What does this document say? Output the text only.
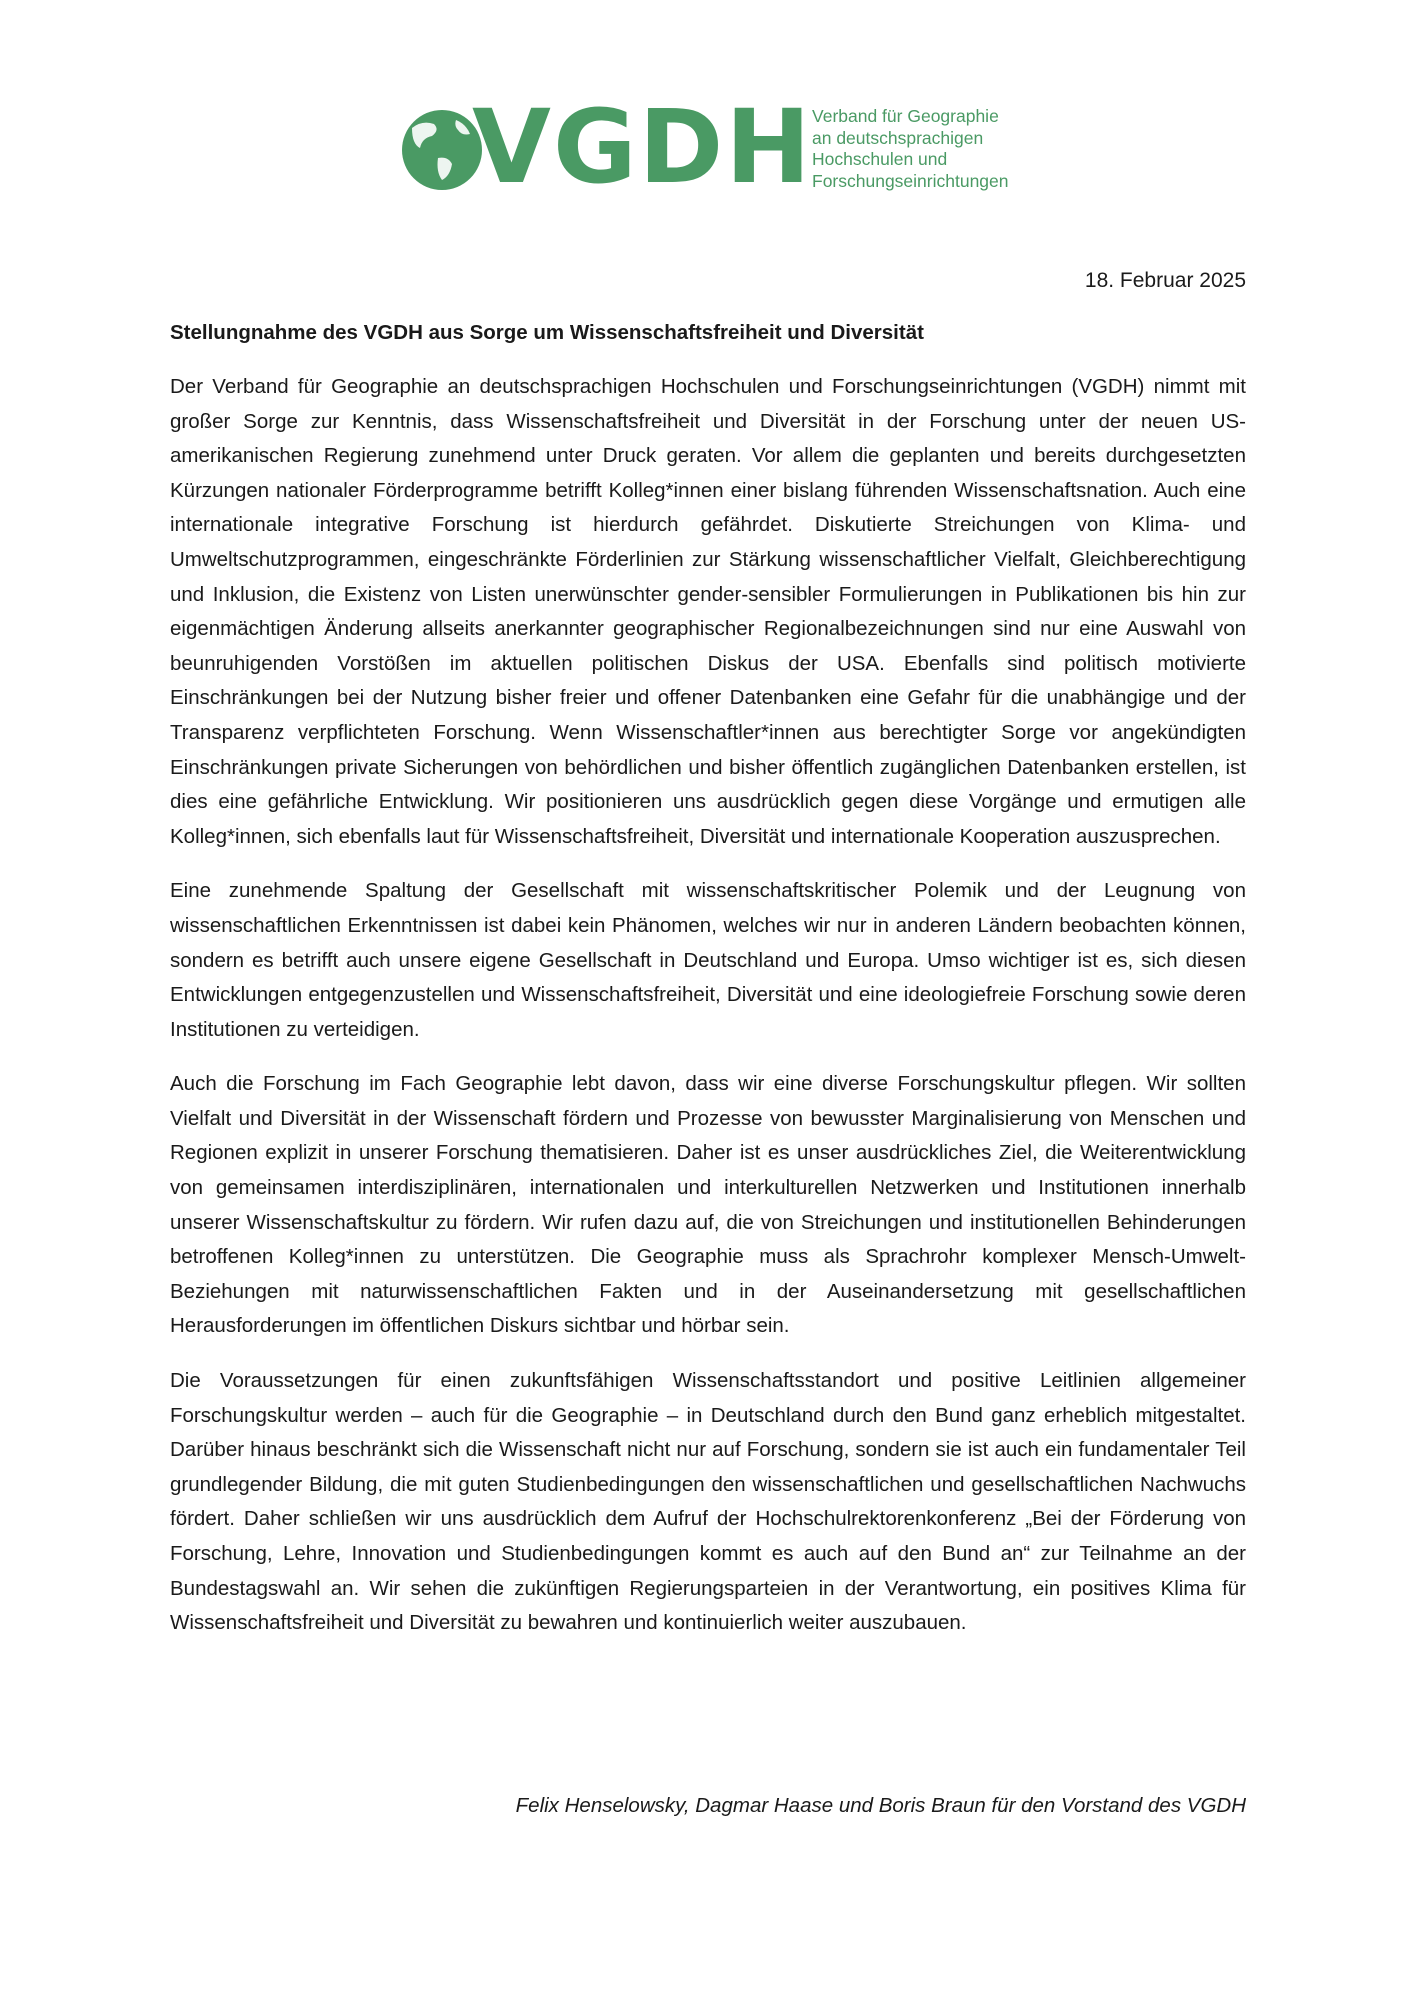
VGDH Verband für Geographie
an deutschsprachigen
Hochschulen und
Forschungseinrichtungen
18. Februar 2025
Stellungnahme des VGDH aus Sorge um Wissenschaftsfreiheit und Diversität

Der Verband für Geographie an deutschsprachigen Hochschulen und Forschungseinrichtungen (VGDH) nimmt mit großer Sorge zur Kenntnis, dass Wissenschaftsfreiheit und Diversität in der Forschung unter der neuen US-amerikanischen Regierung zunehmend unter Druck geraten. Vor allem die geplanten und bereits durchgesetzten Kürzungen nationaler Förderprogramme betrifft Kolleg*innen einer bislang führenden Wissenschaftsnation. Auch eine internationale integrative Forschung ist hierdurch gefährdet. Diskutierte Streichungen von Klima- und Umweltschutzprogrammen, eingeschränkte Förderlinien zur Stärkung wissenschaftlicher Vielfalt, Gleichberechtigung und Inklusion, die Existenz von Listen unerwünschter gender-sensibler Formulierungen in Publikationen bis hin zur eigenmächtigen Änderung allseits anerkannter geographischer Regionalbezeichnungen sind nur eine Auswahl von beunruhigenden Vorstößen im aktuellen politischen Diskus der USA. Ebenfalls sind politisch motivierte Einschränkungen bei der Nutzung bisher freier und offener Datenbanken eine Gefahr für die unabhängige und der Transparenz verpflichteten Forschung. Wenn Wissenschaftler*innen aus berechtigter Sorge vor angekündigten Einschränkungen private Sicherungen von behördlichen und bisher öffentlich zugänglichen Datenbanken erstellen, ist dies eine gefährliche Entwicklung. Wir positionieren uns ausdrücklich gegen diese Vorgänge und ermutigen alle Kolleg*innen, sich ebenfalls laut für Wissenschaftsfreiheit, Diversität und internationale Kooperation auszusprechen.

Eine zunehmende Spaltung der Gesellschaft mit wissenschaftskritischer Polemik und der Leugnung von wissenschaftlichen Erkenntnissen ist dabei kein Phänomen, welches wir nur in anderen Ländern beobachten können, sondern es betrifft auch unsere eigene Gesellschaft in Deutschland und Europa. Umso wichtiger ist es, sich diesen Entwicklungen entgegenzustellen und Wissenschaftsfreiheit, Diversität und eine ideologiefreie Forschung sowie deren Institutionen zu verteidigen.

Auch die Forschung im Fach Geographie lebt davon, dass wir eine diverse Forschungskultur pflegen. Wir sollten Vielfalt und Diversität in der Wissenschaft fördern und Prozesse von bewusster Marginalisierung von Menschen und Regionen explizit in unserer Forschung thematisieren. Daher ist es unser ausdrückliches Ziel, die Weiterentwicklung von gemeinsamen interdisziplinären, internationalen und interkulturellen Netzwerken und Institutionen innerhalb unserer Wissenschaftskultur zu fördern. Wir rufen dazu auf, die von Streichungen und institutionellen Behinderungen betroffenen Kolleg*innen zu unterstützen. Die Geographie muss als Sprachrohr komplexer Mensch-Umwelt-Beziehungen mit naturwissenschaftlichen Fakten und in der Auseinandersetzung mit gesellschaftlichen Herausforderungen im öffentlichen Diskurs sichtbar und hörbar sein.

Die Voraussetzungen für einen zukunftsfähigen Wissenschaftsstandort und positive Leitlinien allgemeiner Forschungskultur werden – auch für die Geographie – in Deutschland durch den Bund ganz erheblich mitgestaltet. Darüber hinaus beschränkt sich die Wissenschaft nicht nur auf Forschung, sondern sie ist auch ein fundamentaler Teil grundlegender Bildung, die mit guten Studienbedingungen den wissenschaftlichen und gesellschaftlichen Nachwuchs fördert. Daher schließen wir uns ausdrücklich dem Aufruf der Hochschulrektorenkonferenz „Bei der Förderung von Forschung, Lehre, Innovation und Studienbedingungen kommt es auch auf den Bund an“ zur Teilnahme an der Bundestagswahl an. Wir sehen die zukünftigen Regierungsparteien in der Verantwortung, ein positives Klima für Wissenschaftsfreiheit und Diversität zu bewahren und kontinuierlich weiter auszubauen.

Felix Henselowsky, Dagmar Haase und Boris Braun für den Vorstand des VGDH
